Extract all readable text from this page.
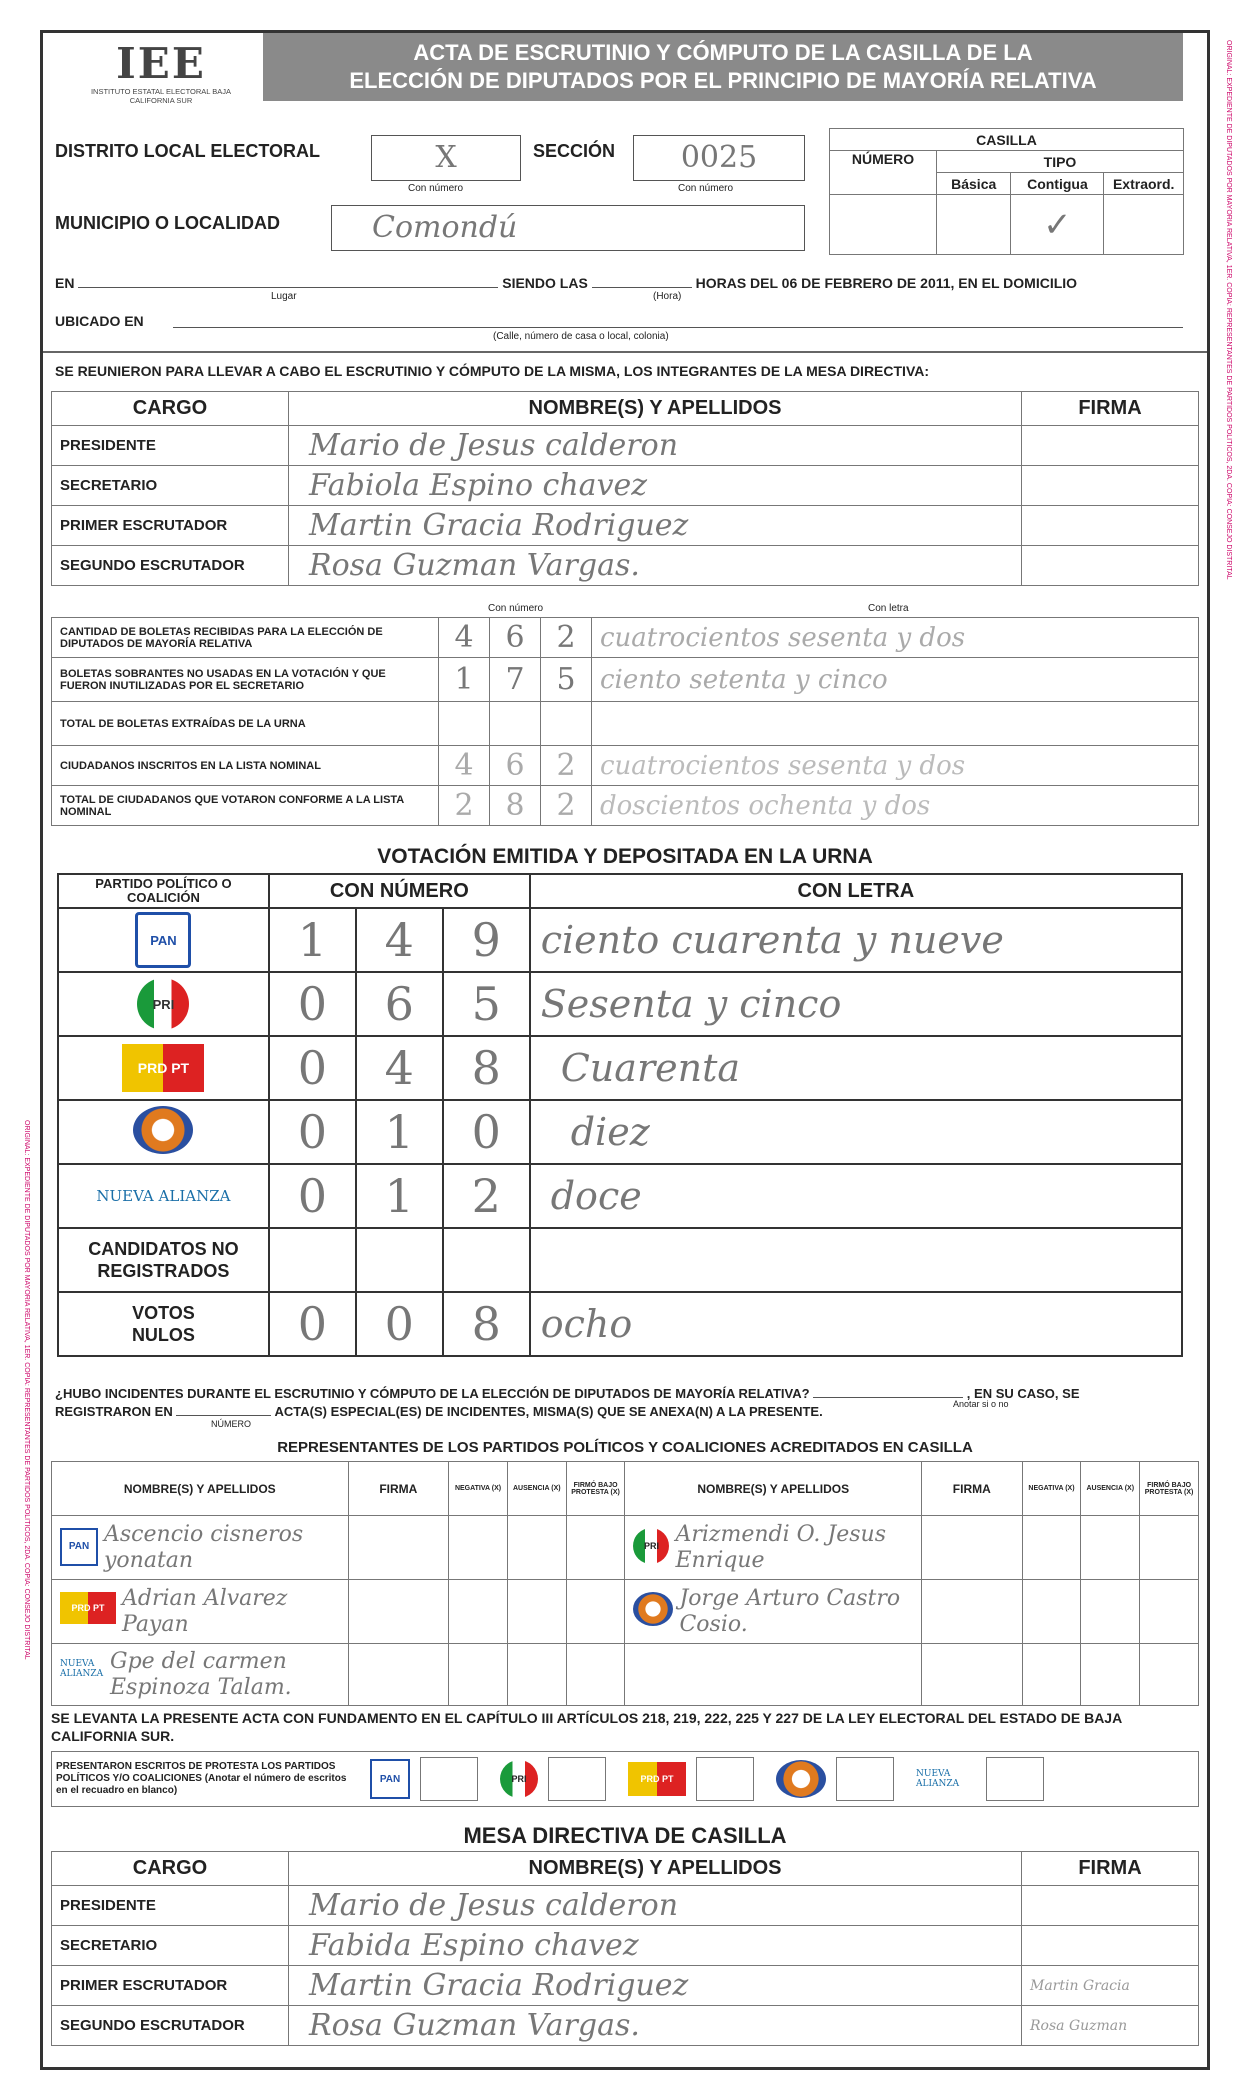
ORIGINAL: EXPEDIENTE DE DIPUTADOS POR MAYORÍA RELATIVA, 1ER. COPIA: REPRESENTANTES DE PARTIDOS POLÍTICOS, 2DA. COPIA: CONSEJO DISTRITAL
ORIGINAL: EXPEDIENTE DE DIPUTADOS POR MAYORÍA RELATIVA, 1ER. COPIA: REPRESENTANTES DE PARTIDOS POLÍTICOS, 2DA. COPIA: CONSEJO DISTRITAL
IEE
INSTITUTO ESTATAL ELECTORAL BAJA CALIFORNIA SUR
ACTA DE ESCRUTINIO Y CÓMPUTO DE LA CASILLA DE LA
ELECCIÓN DE DIPUTADOS POR EL PRINCIPIO DE MAYORÍA RELATIVA
DISTRITO LOCAL ELECTORAL	X
Con número
SECCIÓN	0025
Con número
MUNICIPIO O LOCALIDAD	Comondú
CASILLA			
NÚMERO	TIPO		
	Básica	Contigua	Extraord.
		✓	
EN	SIENDO LAS	HORAS DEL 06 DE FEBRERO DE 2011, EN EL DOMICILIO
Lugar	(Hora)
UBICADO EN
(Calle, número de casa o local, colonia)
SE REUNIERON PARA LLEVAR A CABO EL ESCRUTINIO Y CÓMPUTO DE LA MISMA, LOS INTEGRANTES DE LA MESA DIRECTIVA:
CARGO	NOMBRE(S) Y APELLIDOS	FIRMA
PRESIDENTE	Mario de Jesus calderon	
SECRETARIO	Fabiola Espino chavez	
PRIMER ESCRUTADOR	Martin Gracia Rodriguez	
SEGUNDO ESCRUTADOR	Rosa Guzman Vargas.	
Con número	Con letra
CANTIDAD DE BOLETAS RECIBIDAS PARA LA ELECCIÓN DE DIPUTADOS DE MAYORÍA RELATIVA	4	6	2	cuatrocientos sesenta y dos
BOLETAS SOBRANTES NO USADAS EN LA VOTACIÓN Y QUE FUERON INUTILIZADAS POR EL SECRETARIO	1	7	5	ciento setenta y cinco
TOTAL DE BOLETAS EXTRAÍDAS DE LA URNA				
CIUDADANOS INSCRITOS EN LA LISTA NOMINAL	4	6	2	cuatrocientos sesenta y dos
TOTAL DE CIUDADANOS QUE VOTARON CONFORME A LA LISTA NOMINAL	2	8	2	doscientos ochenta y dos
VOTACIÓN EMITIDA Y DEPOSITADA EN LA URNA
PARTIDO POLÍTICO O COALICIÓN	CON NÚMERO			CON LETRA
PAN	1	4	9	ciento cuarenta y nueve
PRI	0	6	5	Sesenta y cinco
PRD PT	0	4	8	Cuarenta
	0	1	0	diez
NUEVA ALIANZA	0	1	2	doce
CANDIDATOS NO REGISTRADOS				
VOTOS NULOS	0	0	8	ocho
¿HUBO INCIDENTES DURANTE EL ESCRUTINIO Y CÓMPUTO DE LA ELECCIÓN DE DIPUTADOS DE MAYORÍA RELATIVA?	, EN SU CASO, SE
REGISTRARON EN	ACTA(S) ESPECIAL(ES) DE INCIDENTES, MISMA(S) QUE SE ANEXA(N) A LA PRESENTE.
NÚMERO
Anotar si o no
REPRESENTANTES DE LOS PARTIDOS POLÍTICOS Y COALICIONES ACREDITADOS EN CASILLA
NOMBRE(S) Y APELLIDOS	FIRMA	NEGATIVA (X)	AUSENCIA (X)	FIRMÓ BAJO PROTESTA (X)	NOMBRE(S) Y APELLIDOS	FIRMA	NEGATIVA (X)	AUSENCIA (X)	FIRMÓ BAJO PROTESTA (X)

PAN Ascencio cisneros yonatan					PRI Arizmendi O. Jesus Enrique				

PRD PT Adrian Alvarez Payan					Jorge Arturo Castro Cosio.				

NUEVA ALIANZA Gpe del carmen Espinoza Talam.									
SE LEVANTA LA PRESENTE ACTA CON FUNDAMENTO EN EL CAPÍTULO III ARTÍCULOS 218, 219, 222, 225 Y 227 DE LA LEY ELECTORAL DEL ESTADO DE BAJA CALIFORNIA SUR.
PRESENTARON ESCRITOS DE PROTESTA LOS PARTIDOS POLÍTICOS Y/O COALICIONES (Anotar el número de escritos en el recuadro en blanco)
PAN	PRI	PRD PT	NUEVA ALIANZA
MESA DIRECTIVA DE CASILLA
CARGO	NOMBRE(S) Y APELLIDOS	FIRMA
PRESIDENTE	Mario de Jesus calderon	
SECRETARIO	Fabida Espino chavez	
PRIMER ESCRUTADOR	Martin Gracia Rodriguez	Martin Gracia
SEGUNDO ESCRUTADOR	Rosa Guzman Vargas.	Rosa Guzman
